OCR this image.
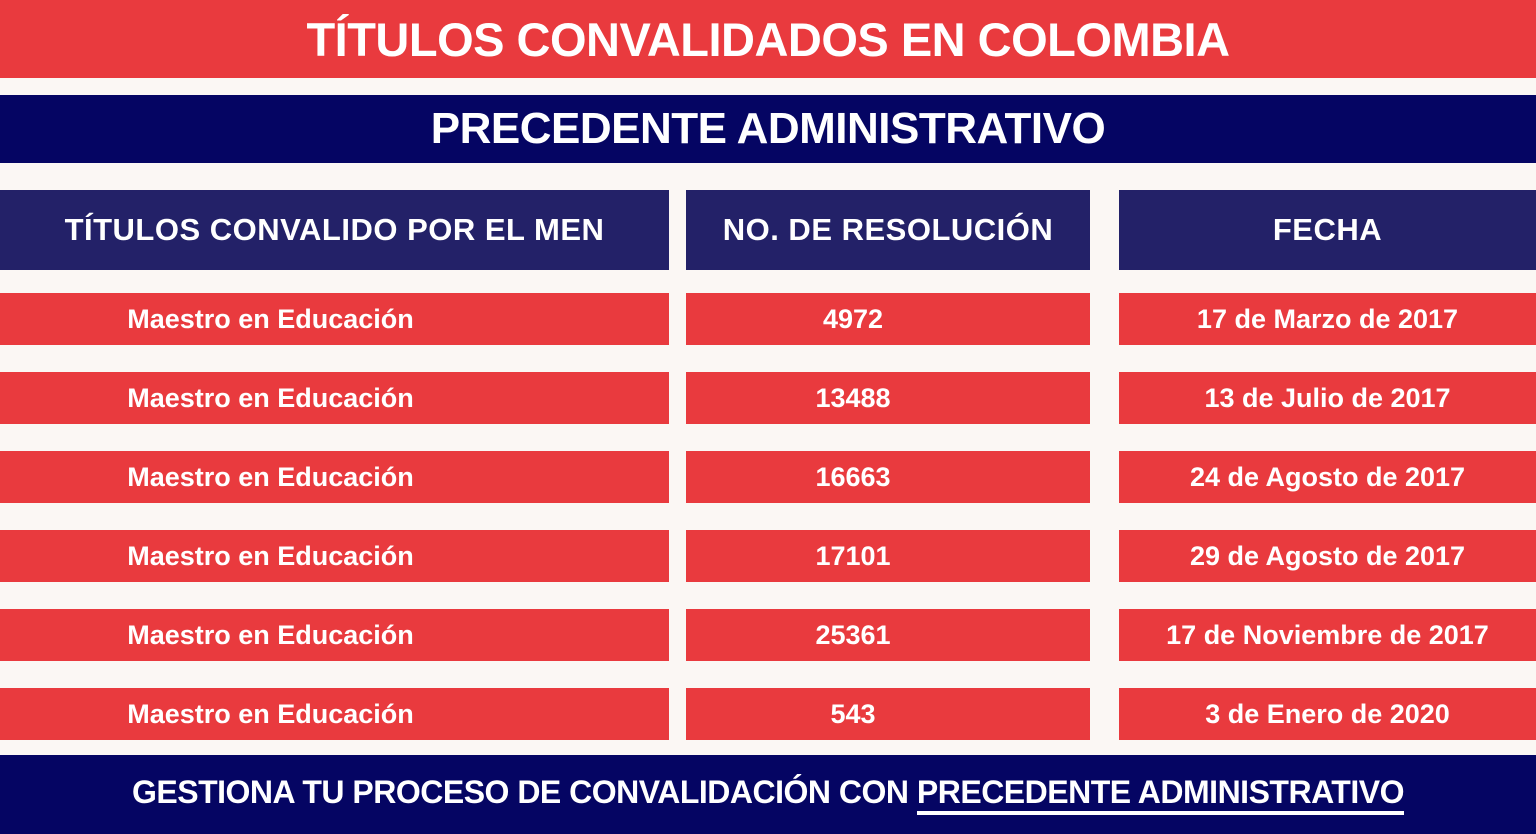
TÍTULOS CONVALIDADOS EN COLOMBIA
PRECEDENTE ADMINISTRATIVO
TÍTULOS CONVALIDO POR EL MEN	NO. DE RESOLUCIÓN	FECHA
Maestro en Educación	4972	17 de Marzo de 2017
Maestro en Educación	13488	13 de Julio de 2017
Maestro en Educación	16663	24 de Agosto de 2017
Maestro en Educación	17101	29 de Agosto de 2017
Maestro en Educación	25361	17 de Noviembre de 2017
Maestro en Educación	543	3 de Enero de 2020

GESTIONA TU PROCESO DE CONVALIDACIÓN CON PRECEDENTE ADMINISTRATIVO
